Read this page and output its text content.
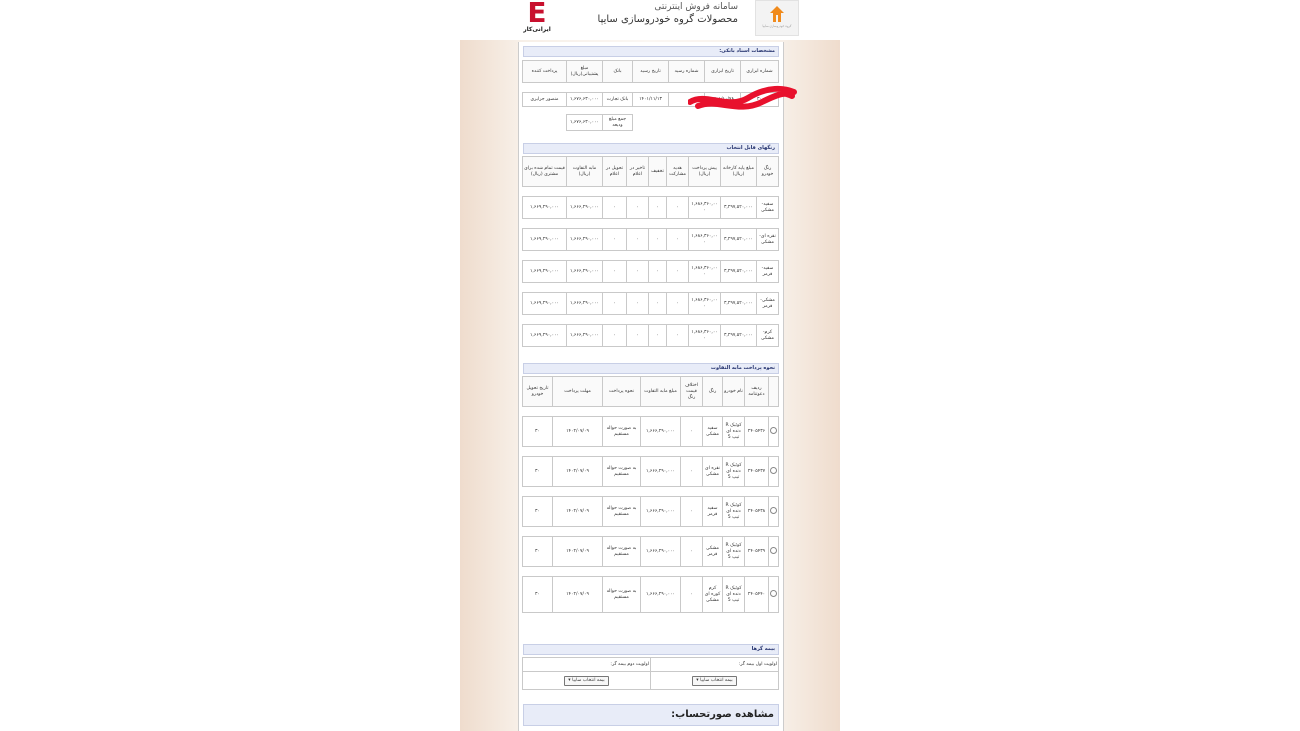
E
ایرانی‌کار
سامانه فروش اینترنتی
محصولات گروه خودروسازی سایپا
گروه خودروسازی سایپا
مشخصات اسناد بانکی:
شماره ابزاری	تاریخ ابزاری	شماره رسید	تاریخ رسید	بانک	مبلغ پشتیبانی(ریال)	پرداخت کننده

۳۰	۱۴۰۱/۱۰/۷۸		۱۴۰۱/۱۱/۱۳	بانک تجارت	۱,۶۷۶,۶۳۰,۰۰۰	منصور جزایری

				جمع مبلغ ودیعه	۱,۶۷۶,۶۳۰,۰۰۰	
رنگهای قابل انتخاب
رنگ خودرو	مبلغ پایه کارخانه (ریال)	پیش پرداخت (ریال)	هدیه مشارکت	تخفیف	تاخیر در اعلام	تحویل در اعلام	مابه التفاوت (ریال)	قیمت تمام شده برای مشتری (ریال)

سفید- مشکی	۳,۲۹۷,۵۲۰,۰۰۰	۱,۶۸۶,۳۶۰,۰۰۰	۰	۰	۰	۰	۱,۶۶۶,۲۹۰,۰۰۰	۱,۶۶۹,۲۹۰,۰۰۰

نقره ای- مشکی	۳,۲۹۷,۵۲۰,۰۰۰	۱,۶۸۶,۳۶۰,۰۰۰	۰	۰	۰	۰	۱,۶۶۶,۲۹۰,۰۰۰	۱,۶۶۹,۲۹۰,۰۰۰

سفید- قرمز	۳,۲۹۷,۵۲۰,۰۰۰	۱,۶۸۶,۳۶۰,۰۰۰	۰	۰	۰	۰	۱,۶۶۶,۲۹۰,۰۰۰	۱,۶۶۹,۲۹۰,۰۰۰

مشکی- قرمز	۳,۲۹۷,۵۲۰,۰۰۰	۱,۶۸۶,۳۶۰,۰۰۰	۰	۰	۰	۰	۱,۶۶۶,۲۹۰,۰۰۰	۱,۶۶۹,۲۹۰,۰۰۰

کرم- مشکی	۳,۲۹۷,۵۲۰,۰۰۰	۱,۶۸۶,۳۶۰,۰۰۰	۰	۰	۰	۰	۱,۶۶۶,۲۹۰,۰۰۰	۱,۶۶۹,۲۹۰,۰۰۰
نحوه پرداخت مابه التفاوت
	ردیف دعوتنامه	نام خودرو	رنگ	اختلاف قیمت رنگ	مبلغ مابه التفاوت	نحوه پرداخت	مهلت پرداخت	تاریخ تحویل خودرو

	۲۴۰۵۴۳۶	کوئیک R دنده ای تیپ 5	سفید مشکی	۰	۱,۶۶۶,۲۹۰,۰۰۰	به صورت حواله مستقیم	۱۴۰۲/۰۷/۰۹	۳۰

	۲۴۰۵۴۳۷	کوئیک R دنده ای تیپ 5	نقره ای مشکی	۰	۱,۶۶۶,۲۹۰,۰۰۰	به صورت حواله مستقیم	۱۴۰۲/۰۷/۰۹	۳۰

	۲۴۰۵۴۳۸	کوئیک R دنده ای تیپ 5	سفید قرمز	۰	۱,۶۶۶,۲۹۰,۰۰۰	به صورت حواله مستقیم	۱۴۰۲/۰۷/۰۹	۳۰

	۲۴۰۵۴۳۹	کوئیک R دنده ای تیپ 5	مشکی قرمز	۰	۱,۶۶۶,۲۹۰,۰۰۰	به صورت حواله مستقیم	۱۴۰۲/۰۷/۰۹	۳۰

	۲۴۰۵۴۴۰	کوئیک R دنده ای تیپ 5	کرم کوره ای مشکی	۰	۱,۶۶۶,۲۹۰,۰۰۰	به صورت حواله مستقیم	۱۴۰۲/۰۷/۰۹	۳۰
بیمه گرها
اولویت اول بیمه گر:	اولویت دوم بیمه گر:
بیمه انتخاب سایپا ▾	بیمه انتخاب سایپا ▾
مشاهده صورتحساب:
